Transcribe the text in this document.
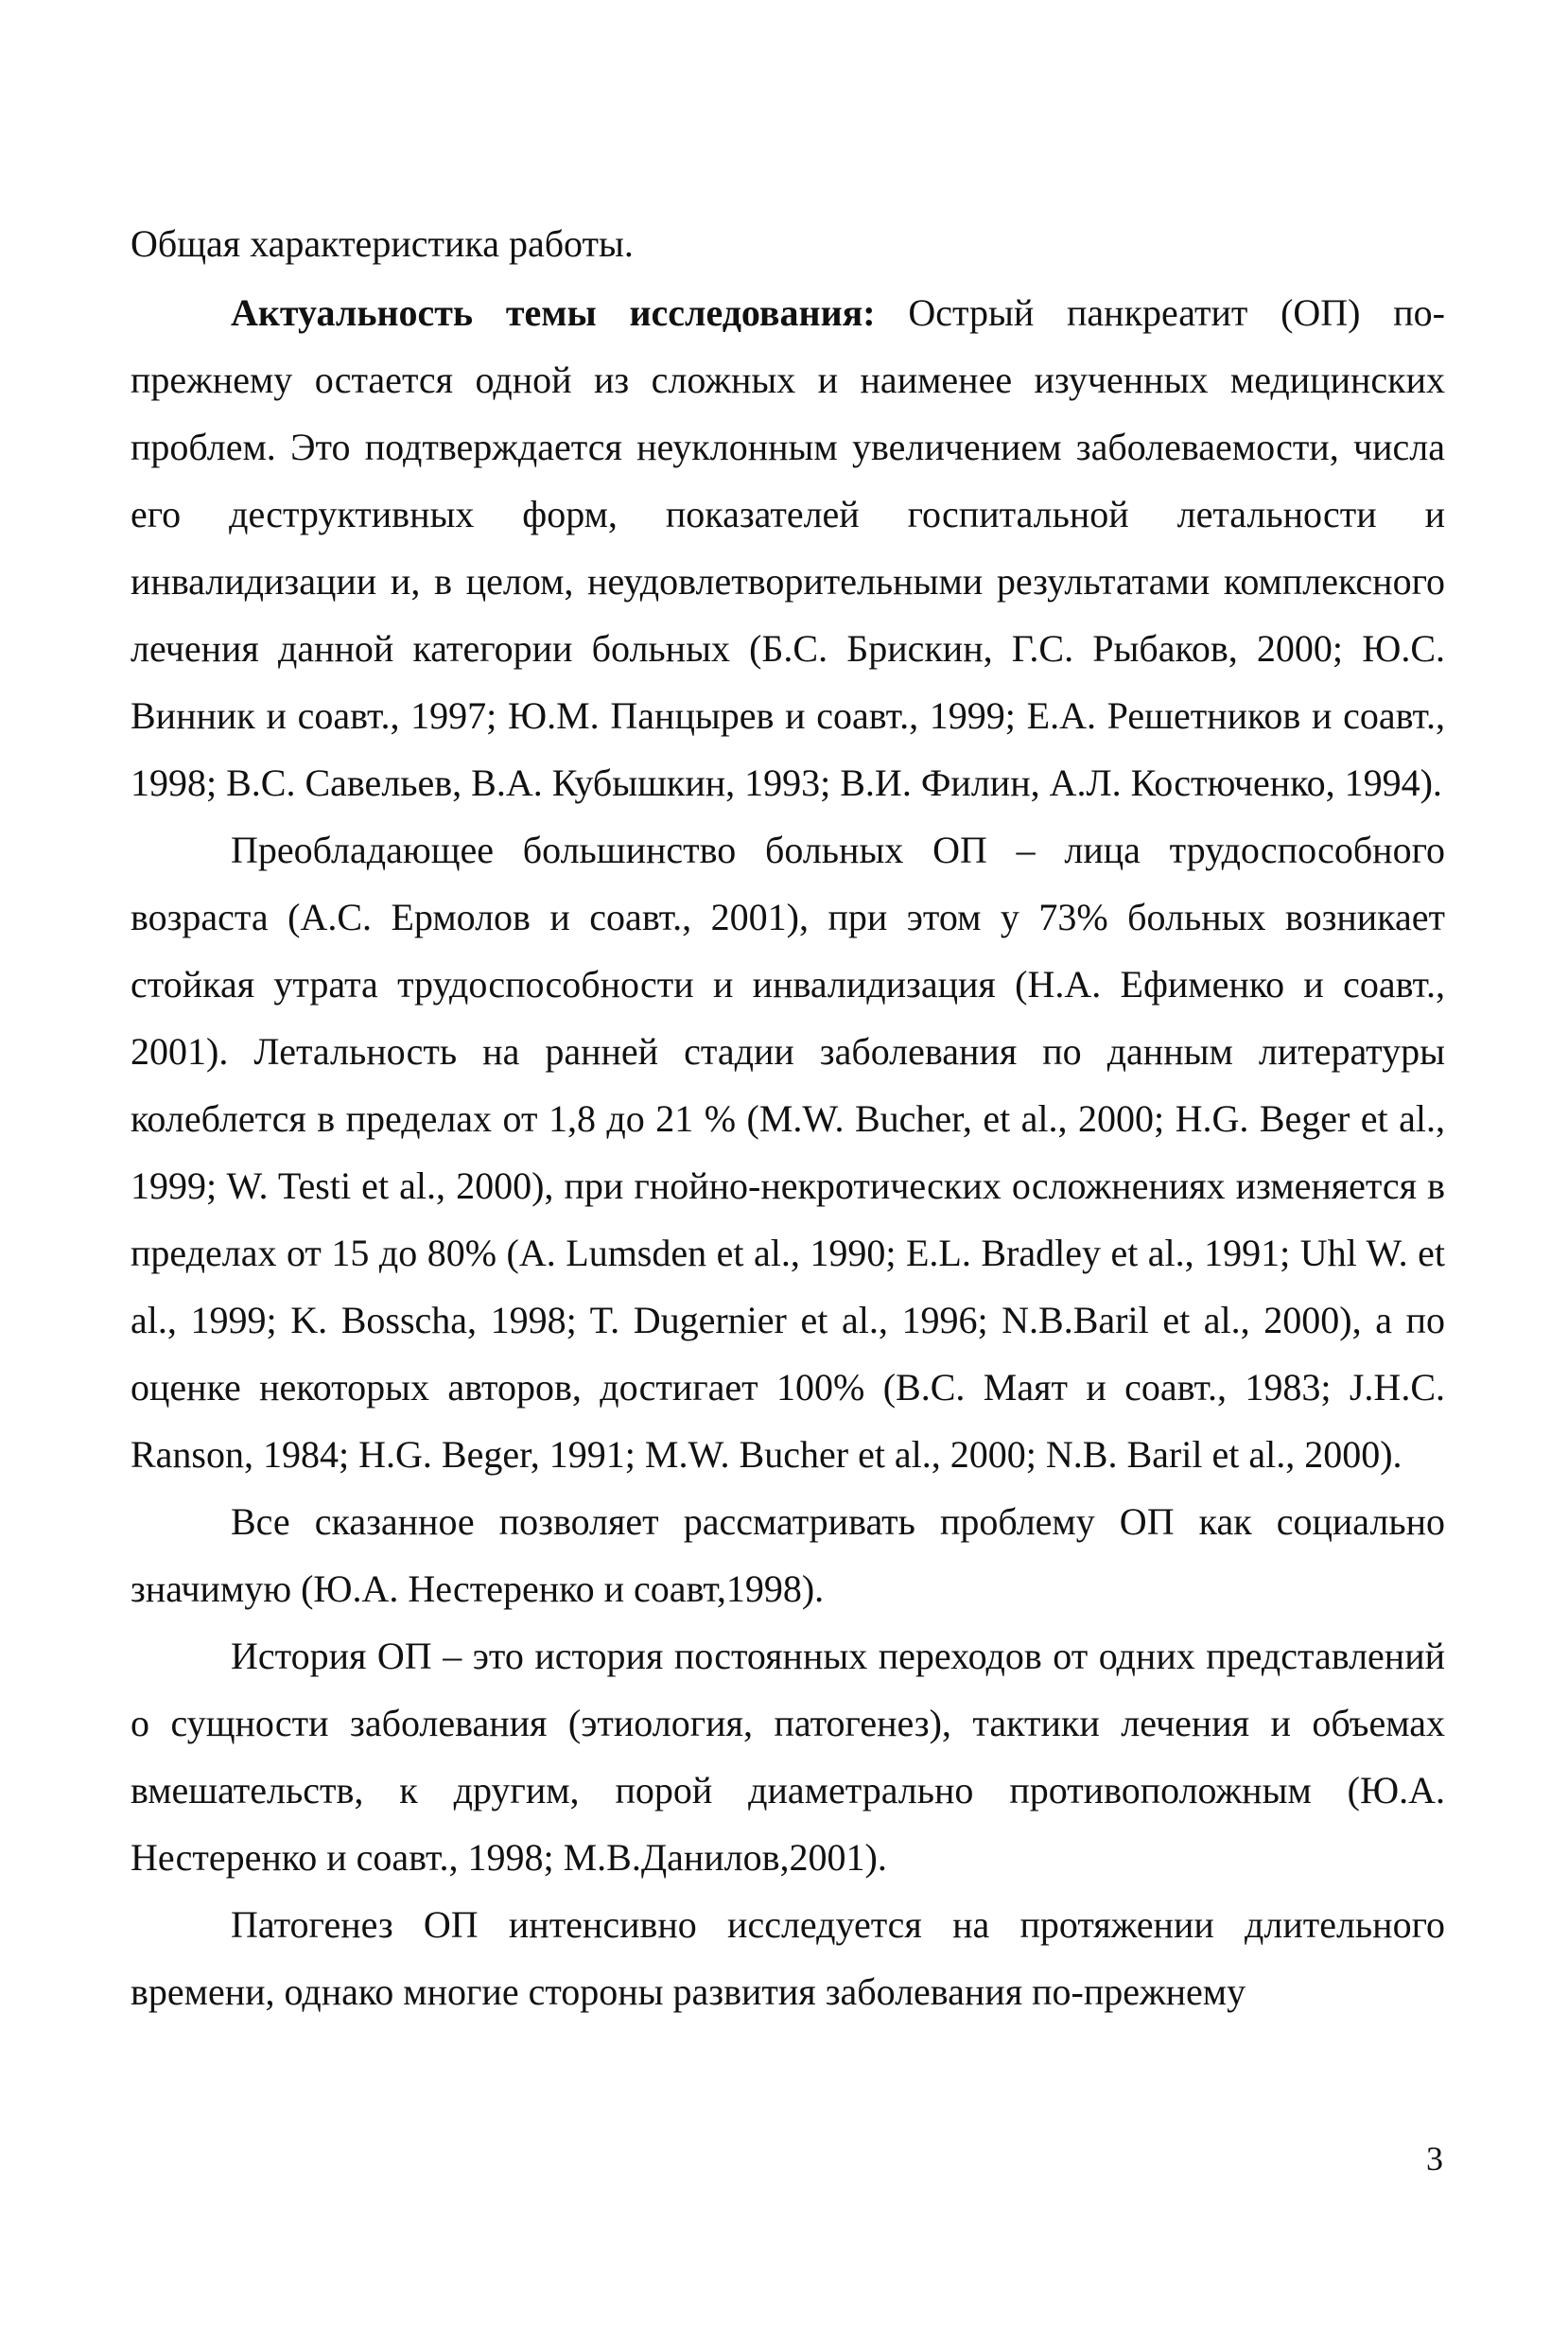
Общая характеристика работы.

Актуальность темы исследования: Острый панкреатит (ОП) по-прежнему остается одной из сложных и наименее изученных медицинских проблем. Это подтверждается неуклонным увеличением заболеваемости, числа его деструктивных форм, показателей госпитальной летальности и инвалидизации и, в целом, неудовлетворительными результатами комплексного лечения данной категории больных (Б.С. Брискин, Г.С. Рыбаков, 2000; Ю.С. Винник и соавт., 1997; Ю.М. Панцырев и соавт., 1999; Е.А. Решетников и соавт., 1998; В.С. Савельев, В.А. Кубышкин, 1993; В.И. Филин, А.Л. Костюченко, 1994).

Преобладающее большинство больных ОП – лица трудоспособного возраста (А.С. Ермолов и соавт., 2001), при этом у 73% больных возникает стойкая утрата трудоспособности и инвалидизация (Н.А. Ефименко и соавт., 2001). Летальность на ранней стадии заболевания по данным литературы колеблется в пределах от 1,8 до 21 % (M.W. Bucher, et al., 2000; H.G. Beger et al., 1999; W. Testi et al., 2000), при гнойно-некротических осложнениях изменяется в пределах от 15 до 80% (A. Lumsden et al., 1990; E.L. Bradley et al., 1991; Uhl W. et al., 1999; K. Bosscha, 1998; T. Dugernier et al., 1996; N.B.Baril et al., 2000), а по оценке некоторых авторов, достигает 100% (В.С. Маят и соавт., 1983; J.H.C. Ranson, 1984; H.G. Beger, 1991; M.W. Bucher et al., 2000; N.B. Baril et al., 2000).

Все сказанное позволяет рассматривать проблему ОП как социально значимую (Ю.А. Нестеренко и соавт,1998).

История ОП – это история постоянных переходов от одних представлений о сущности заболевания (этиология, патогенез), тактики лечения и объемах вмешательств, к другим, порой диаметрально противоположным (Ю.А. Нестеренко и соавт., 1998; М.В.Данилов,2001).

Патогенез ОП интенсивно исследуется на протяжении длительного времени, однако многие стороны развития заболевания по-прежнему

3
